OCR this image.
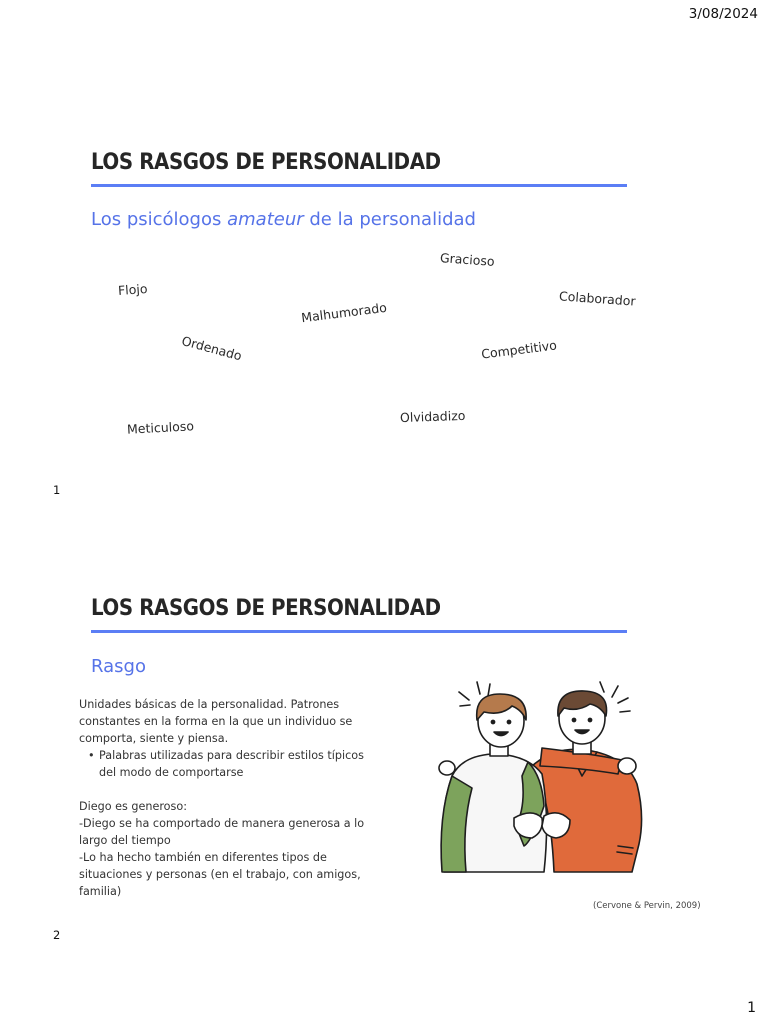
3/08/2024
LOS RASGOS DE PERSONALIDAD
Los psicólogos amateur de la personalidad
Gracioso
Flojo	Colaborador
Malhumorado
Ordenado	Competitivo
Olvidadizo
Meticuloso
1
LOS RASGOS DE PERSONALIDAD
Rasgo

Unidades básicas de la personalidad. Patrones constantes en la forma en la que un individuo se comporta, siente y piensa.

• Palabras utilizadas para describir estilos típicos del modo de comportarse

Diego es generoso:

-Diego se ha comportado de manera generosa a lo largo del tiempo

-Lo ha hecho también en diferentes tipos de situaciones y personas (en el trabajo, con amigos, familia)

(Cervone & Pervin, 2009)
2
1
